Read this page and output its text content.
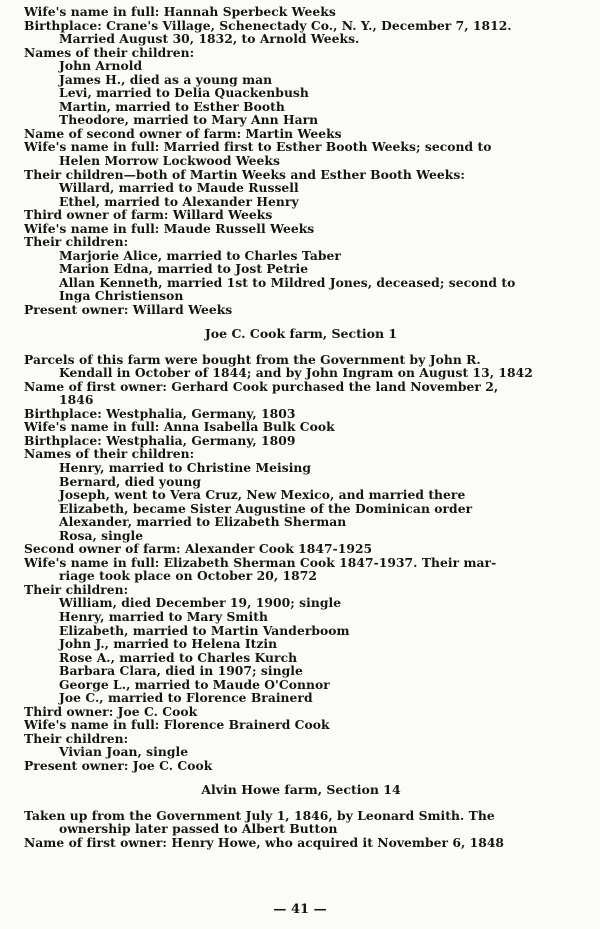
Wife's name in full: Hannah Sperbeck Weeks
Birthplace: Crane's Village, Schenectady Co., N. Y., December 7, 1812.
Married August 30, 1832, to Arnold Weeks.
Names of their children:
John Arnold
James H., died as a young man
Levi, married to Delia Quackenbush
Martin, married to Esther Booth
Theodore, married to Mary Ann Harn
Name of second owner of farm: Martin Weeks
Wife's name in full: Married first to Esther Booth Weeks; second to
Helen Morrow Lockwood Weeks
Their children—both of Martin Weeks and Esther Booth Weeks:
Willard, married to Maude Russell
Ethel, married to Alexander Henry
Third owner of farm: Willard Weeks
Wife's name in full: Maude Russell Weeks
Their children:
Marjorie Alice, married to Charles Taber
Marion Edna, married to Jost Petrie
Allan Kenneth, married 1st to Mildred Jones, deceased; second to
Inga Christienson
Present owner: Willard Weeks
Joe C. Cook farm, Section 1
Parcels of this farm were bought from the Government by John R.
Kendall in October of 1844; and by John Ingram on August 13, 1842
Name of first owner: Gerhard Cook purchased the land November 2,
1846
Birthplace: Westphalia, Germany, 1803
Wife's name in full: Anna Isabella Bulk Cook
Birthplace: Westphalia, Germany, 1809
Names of their children:
Henry, married to Christine Meising
Bernard, died young
Joseph, went to Vera Cruz, New Mexico, and married there
Elizabeth, became Sister Augustine of the Dominican order
Alexander, married to Elizabeth Sherman
Rosa, single
Second owner of farm: Alexander Cook 1847-1925
Wife's name in full: Elizabeth Sherman Cook 1847-1937. Their mar-
riage took place on October 20, 1872
Their children:
William, died December 19, 1900; single
Henry, married to Mary Smith
Elizabeth, married to Martin Vanderboom
John J., married to Helena Itzin
Rose A., married to Charles Kurch
Barbara Clara, died in 1907; single
George L., married to Maude O'Connor
Joe C., married to Florence Brainerd
Third owner: Joe C. Cook
Wife's name in full: Florence Brainerd Cook
Their children:
Vivian Joan, single
Present owner: Joe C. Cook
Alvin Howe farm, Section 14
Taken up from the Government July 1, 1846, by Leonard Smith. The
ownership later passed to Albert Button
Name of first owner: Henry Howe, who acquired it November 6, 1848
— 41 —
